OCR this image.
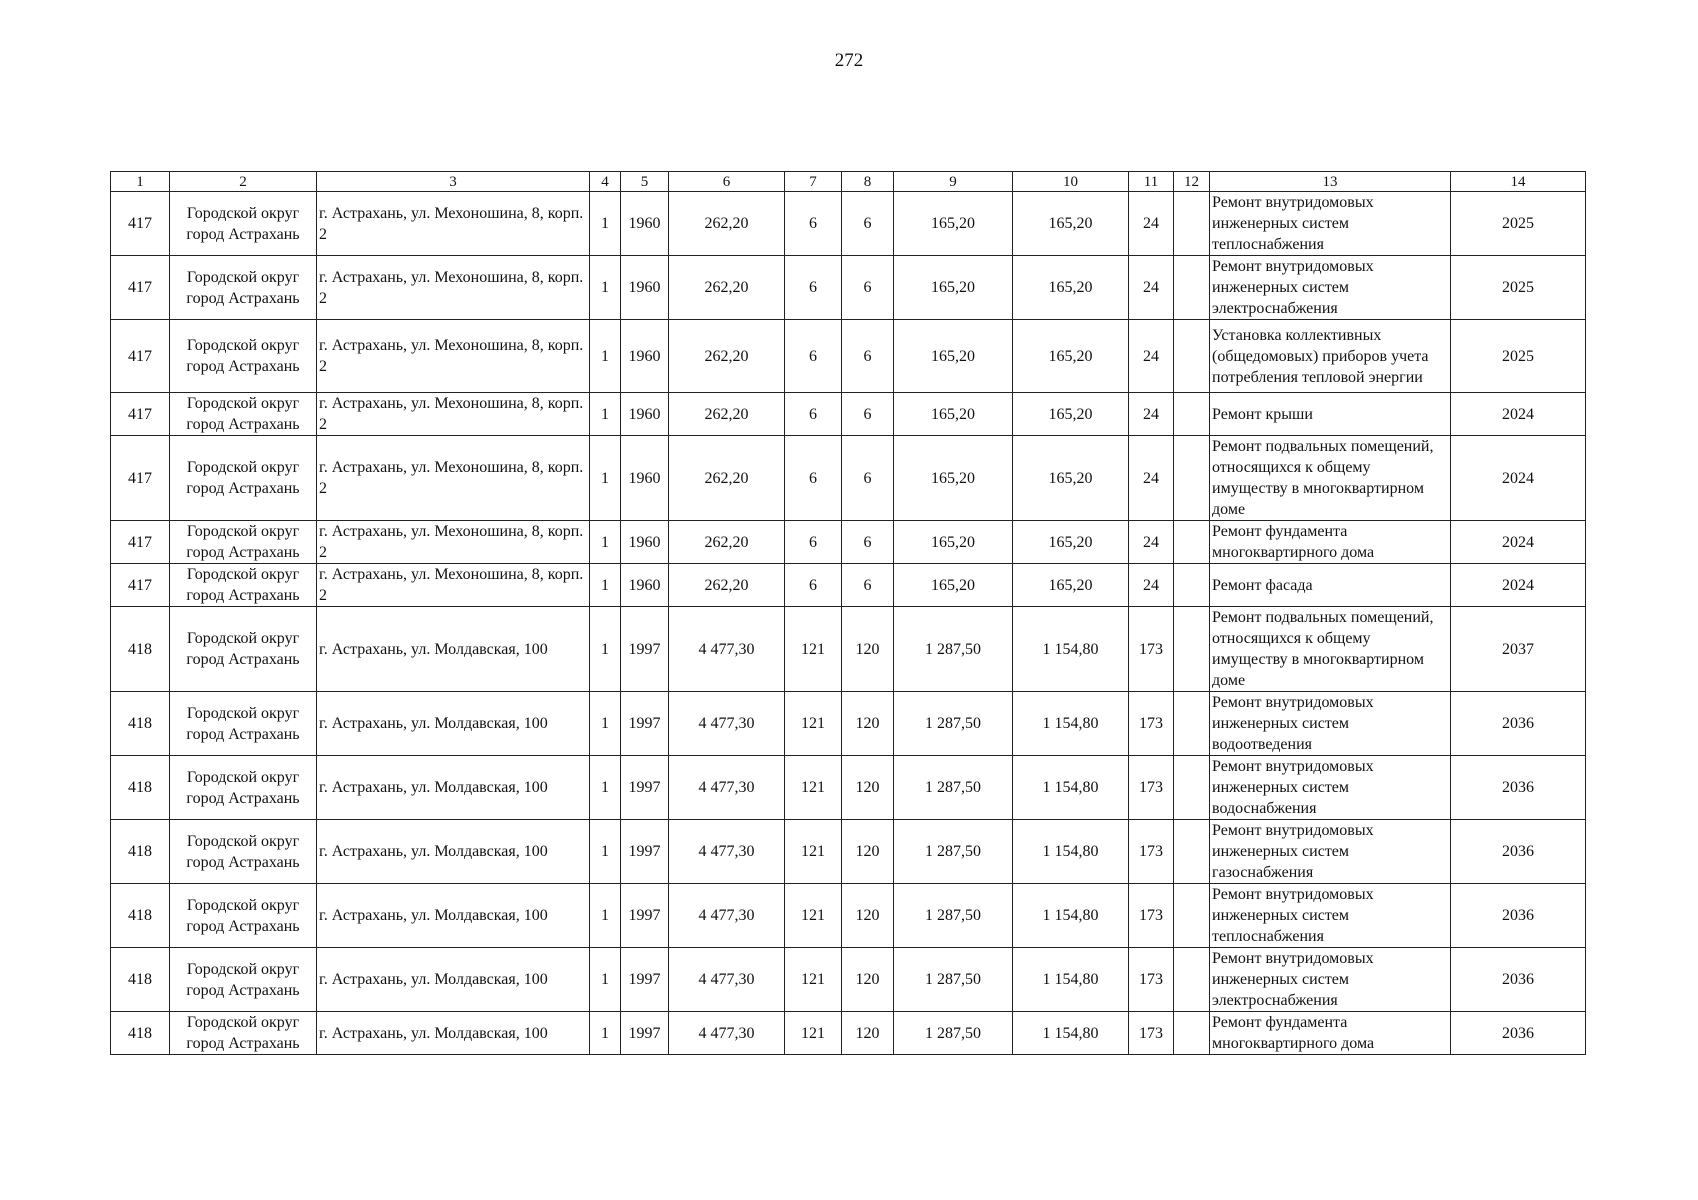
272
1	2	3	4	5	6	7	8	9	10	11	12	13	14
417	Городской округ город Астрахань	г. Астрахань, ул. Мехоношина, 8, корп. 2	1	1960	262,20	6	6	165,20	165,20	24		Ремонт внутридомовых инженерных систем теплоснабжения	2025
417	Городской округ город Астрахань	г. Астрахань, ул. Мехоношина, 8, корп. 2	1	1960	262,20	6	6	165,20	165,20	24		Ремонт внутридомовых инженерных систем электроснабжения	2025
417	Городской округ город Астрахань	г. Астрахань, ул. Мехоношина, 8, корп. 2	1	1960	262,20	6	6	165,20	165,20	24		Установка коллективных (общедомовых) приборов учета потребления тепловой энергии	2025
417	Городской округ город Астрахань	г. Астрахань, ул. Мехоношина, 8, корп. 2	1	1960	262,20	6	6	165,20	165,20	24		Ремонт крыши	2024
417	Городской округ город Астрахань	г. Астрахань, ул. Мехоношина, 8, корп. 2	1	1960	262,20	6	6	165,20	165,20	24		Ремонт подвальных помещений, относящихся к общему имуществу в многоквартирном доме	2024
417	Городской округ город Астрахань	г. Астрахань, ул. Мехоношина, 8, корп. 2	1	1960	262,20	6	6	165,20	165,20	24		Ремонт фундамента многоквартирного дома	2024
417	Городской округ город Астрахань	г. Астрахань, ул. Мехоношина, 8, корп. 2	1	1960	262,20	6	6	165,20	165,20	24		Ремонт фасада	2024
418	Городской округ город Астрахань	г. Астрахань, ул. Молдавская, 100	1	1997	4 477,30	121	120	1 287,50	1 154,80	173		Ремонт подвальных помещений, относящихся к общему имуществу в многоквартирном доме	2037
418	Городской округ город Астрахань	г. Астрахань, ул. Молдавская, 100	1	1997	4 477,30	121	120	1 287,50	1 154,80	173		Ремонт внутридомовых инженерных систем водоотведения	2036
418	Городской округ город Астрахань	г. Астрахань, ул. Молдавская, 100	1	1997	4 477,30	121	120	1 287,50	1 154,80	173		Ремонт внутридомовых инженерных систем водоснабжения	2036
418	Городской округ город Астрахань	г. Астрахань, ул. Молдавская, 100	1	1997	4 477,30	121	120	1 287,50	1 154,80	173		Ремонт внутридомовых инженерных систем газоснабжения	2036
418	Городской округ город Астрахань	г. Астрахань, ул. Молдавская, 100	1	1997	4 477,30	121	120	1 287,50	1 154,80	173		Ремонт внутридомовых инженерных систем теплоснабжения	2036
418	Городской округ город Астрахань	г. Астрахань, ул. Молдавская, 100	1	1997	4 477,30	121	120	1 287,50	1 154,80	173		Ремонт внутридомовых инженерных систем электроснабжения	2036
418	Городской округ город Астрахань	г. Астрахань, ул. Молдавская, 100	1	1997	4 477,30	121	120	1 287,50	1 154,80	173		Ремонт фундамента многоквартирного дома	2036
